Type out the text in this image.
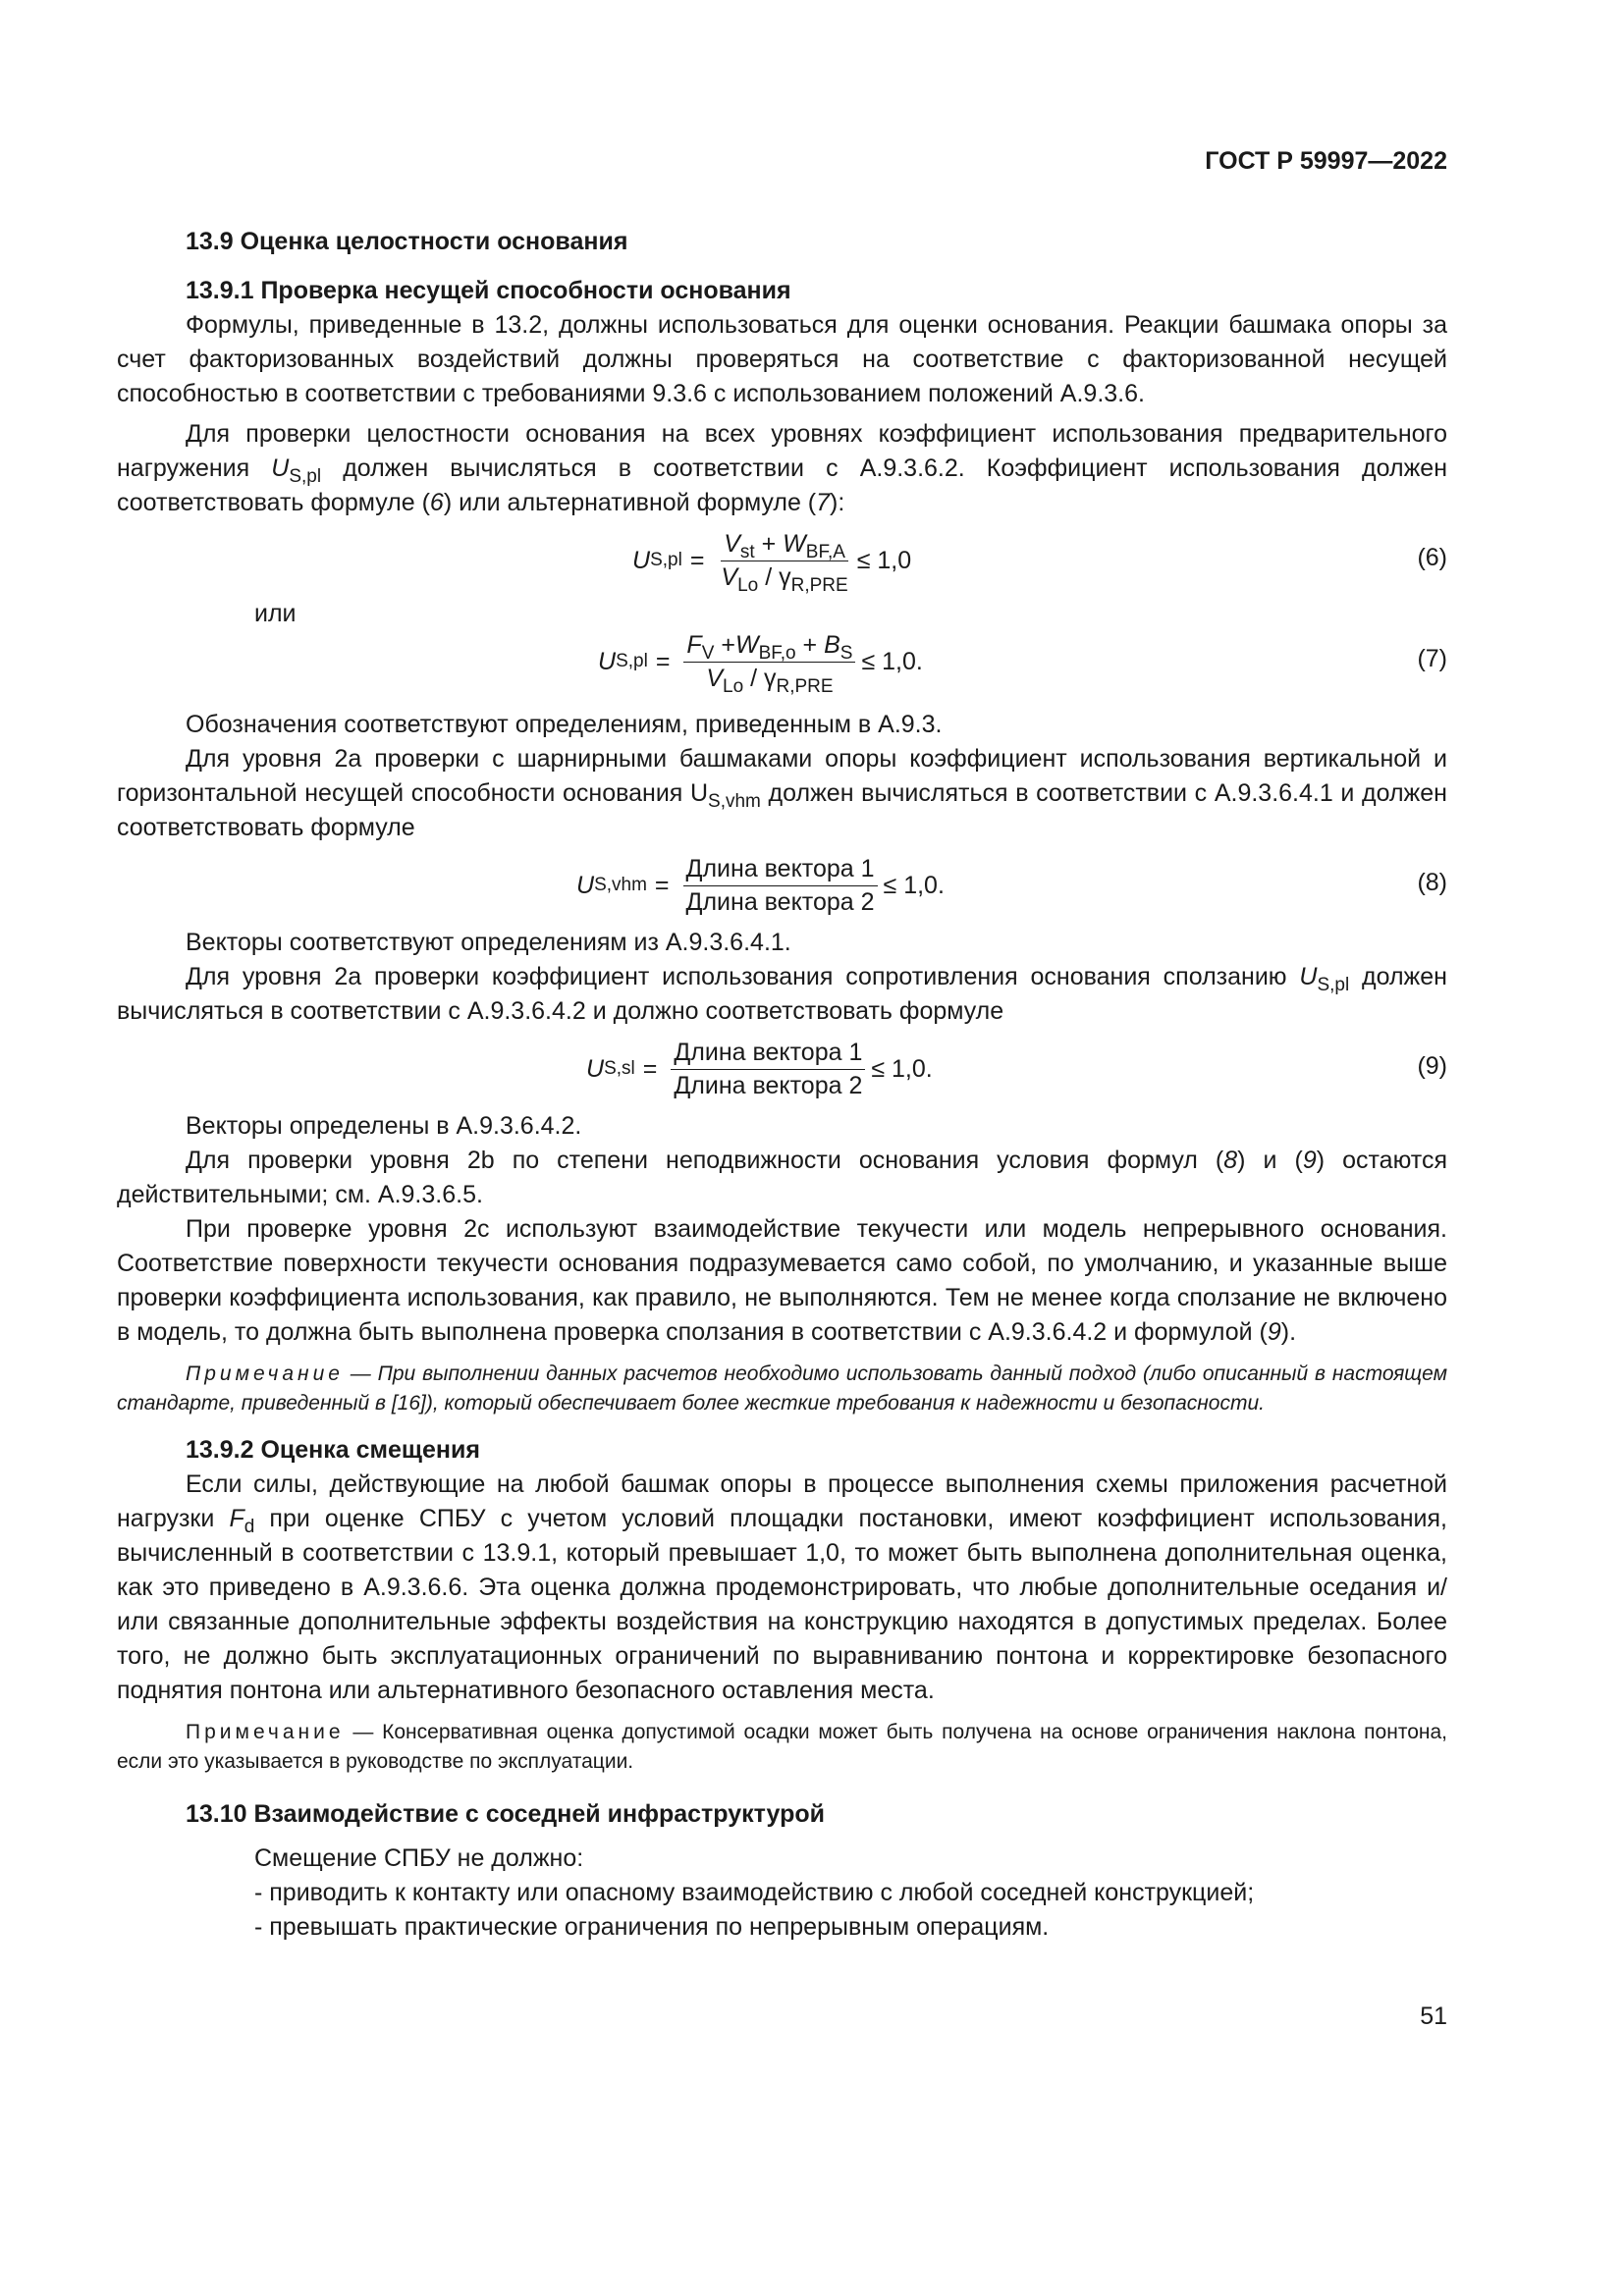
ГОСТ Р 59997—2022
13.9 Оценка целостности основания
13.9.1 Проверка несущей способности основания

Формулы, приведенные в 13.2, должны использоваться для оценки основания. Реакции башмака опоры за счет факторизованных воздействий должны проверяться на соответствие с факторизованной несущей способностью в соответствии с требованиями 9.3.6 с использованием положений А.9.3.6.

Для проверки целостности основания на всех уровнях коэффициент использования предварительного нагружения $U_{S,pl}$ должен вычисляться в соответствии с А.9.3.6.2. Коэффициент использования должен соответствовать формуле (6) или альтернативной формуле (7):

U $S,pl = \frac{V_{st} + W_{BF,A}}{V_{Lo} / \gamma_{R,PRE}} \le 1,0$	(6)

или

U $S,pl = \frac{F_V +W_{BF,o} + B_S}{V_{Lo} / \gamma_{R,PRE}} \le 1,0$.	(7)

Обозначения соответствуют определениям, приведенным в А.9.3.

Для уровня 2а проверки с шарнирными башмаками опоры коэффициент использования вертикальной и горизонтальной несущей способности основания $U_{S,vhm}$ должен вычисляться в соответствии с А.9.3.6.4.1 и должен соответствовать формуле

U $S,vhm = \frac{\text{Длина вектора 1}}{\text{Длина вектора 2}} \le 1,0$.	(8)

Векторы соответствуют определениям из А.9.3.6.4.1.

Для уровня 2а проверки коэффициент использования сопротивления основания сползанию $U_{S,pl}$ должен вычисляться в соответствии с А.9.3.6.4.2 и должно соответствовать формуле

U $S,sl = \frac{\text{Длина вектора 1}}{\text{Длина вектора 2}} \le 1,0$.	(9)

Векторы определены в А.9.3.6.4.2.

Для проверки уровня 2b по степени неподвижности основания условия формул (8) и (9) остаются действительными; см. А.9.3.6.5.

При проверке уровня 2с используют взаимодействие текучести или модель непрерывного основания. Соответствие поверхности текучести основания подразумевается само собой, по умолчанию, и указанные выше проверки коэффициента использования, как правило, не выполняются. Тем не менее когда сползание не включено в модель, то должна быть выполнена проверка сползания в соответствии с А.9.3.6.4.2 и формулой (9).

Примечание — При выполнении данных расчетов необходимо использовать данный подход (либо описанный в настоящем стандарте, приведенный в [16]), который обеспечивает более жесткие требования к надежности и безопасности.

13.9.2 Оценка смещения

Если силы, действующие на любой башмак опоры в процессе выполнения схемы приложения расчетной нагрузки $F_d$ при оценке СПБУ с учетом условий площадки постановки, имеют коэффициент использования, вычисленный в соответствии с 13.9.1, который превышает 1,0, то может быть выполнена дополнительная оценка, как это приведено в А.9.3.6.6. Эта оценка должна продемонстрировать, что любые дополнительные оседания и/или связанные дополнительные эффекты воздействия на конструкцию находятся в допустимых пределах. Более того, не должно быть эксплуатационных ограничений по выравниванию понтона и корректировке безопасного поднятия понтона или альтернативного безопасного оставления места.

Примечание — Консервативная оценка допустимой осадки может быть получена на основе ограничения наклона понтона, если это указывается в руководстве по эксплуатации.

13.10 Взаимодействие с соседней инфраструктурой

Смещение СПБУ не должно:

- приводить к контакту или опасному взаимодействию с любой соседней конструкцией;

- превышать практические ограничения по непрерывным операциям.

51
